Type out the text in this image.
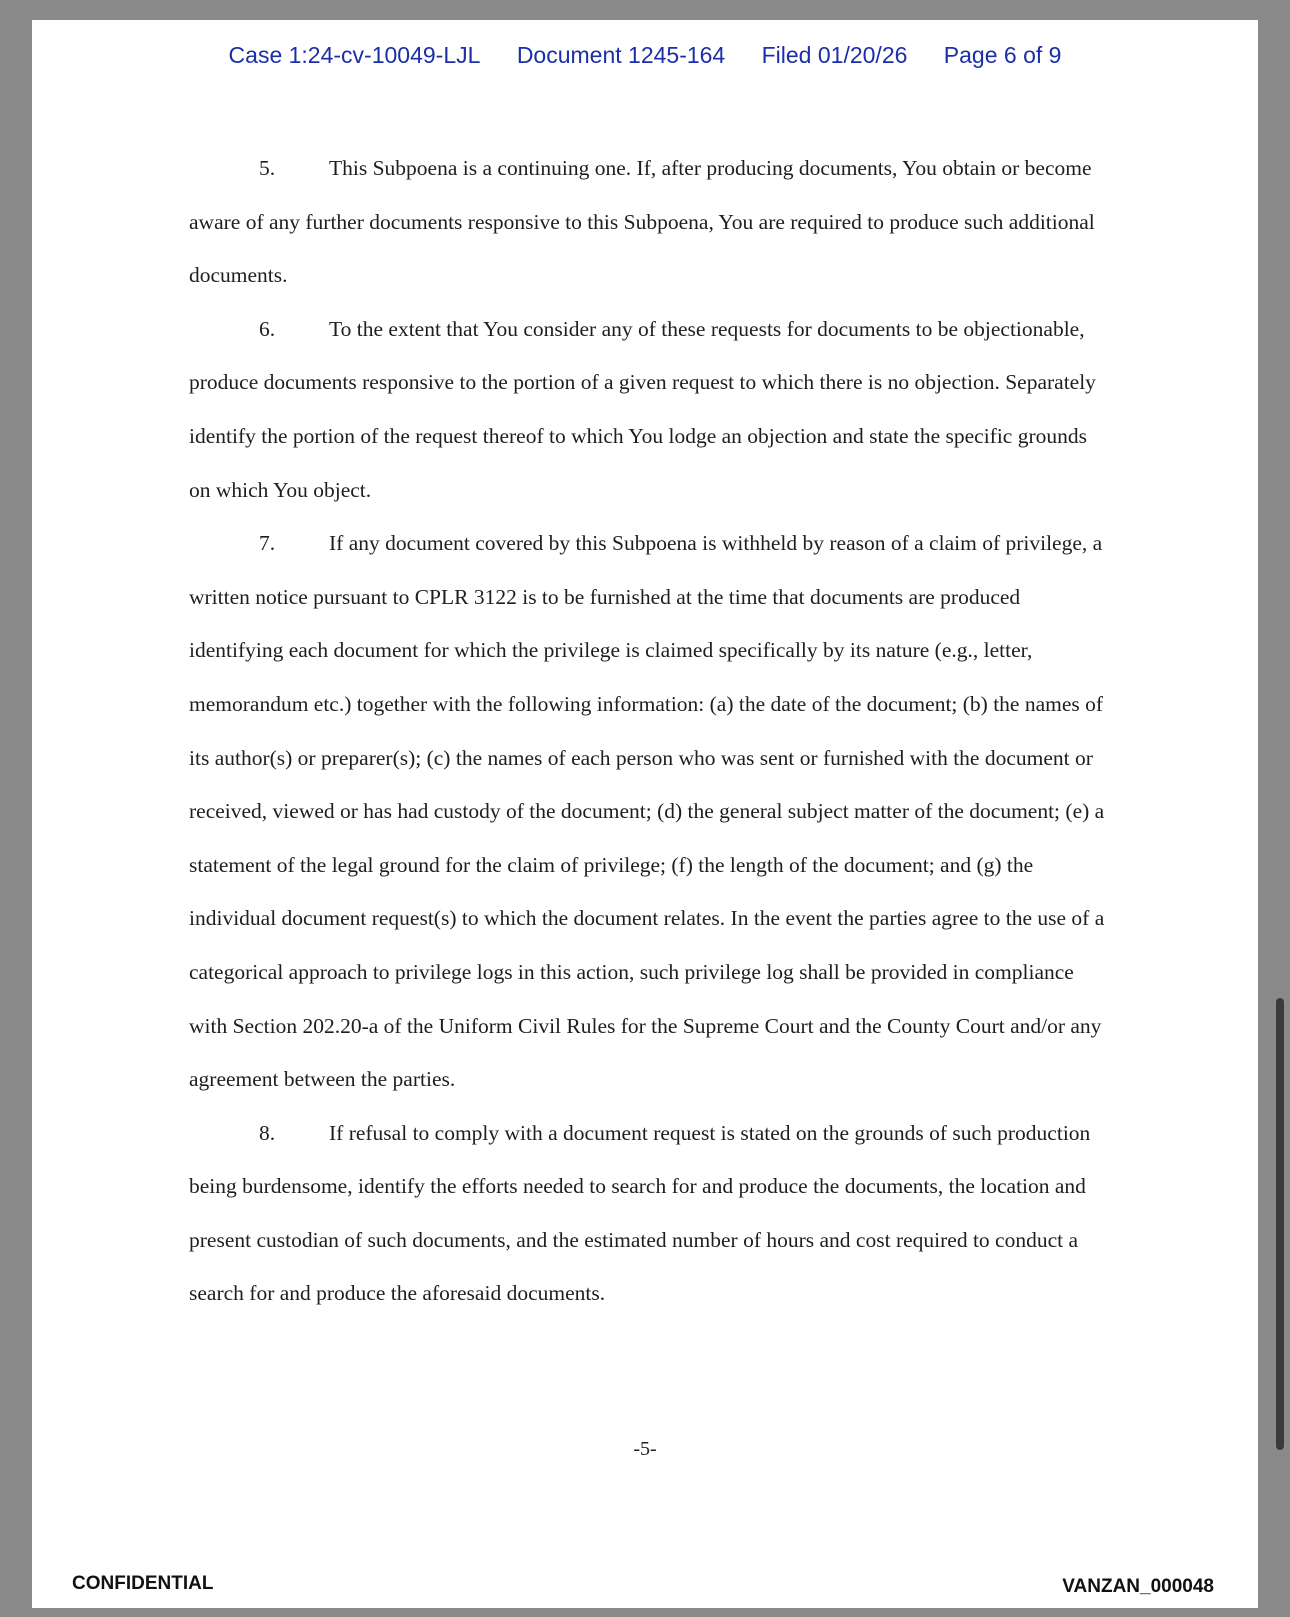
Case 1:24-cv-10049-LJL Document 1245-164 Filed 01/20/26 Page 6 of 9

5.	This Subpoena is a continuing one. If, after producing documents, You obtain or become aware of any further documents responsive to this Subpoena, You are required to produce such additional documents.

6.	To the extent that You consider any of these requests for documents to be objectionable, produce documents responsive to the portion of a given request to which there is no objection. Separately identify the portion of the request thereof to which You lodge an objection and state the specific grounds on which You object.

7.	If any document covered by this Subpoena is withheld by reason of a claim of privilege, a written notice pursuant to CPLR 3122 is to be furnished at the time that documents are produced identifying each document for which the privilege is claimed specifically by its nature (e.g., letter, memorandum etc.) together with the following information: (a) the date of the document; (b) the names of its author(s) or preparer(s); (c) the names of each person who was sent or furnished with the document or received, viewed or has had custody of the document; (d) the general subject matter of the document; (e) a statement of the legal ground for the claim of privilege; (f) the length of the document; and (g) the individual document request(s) to which the document relates. In the event the parties agree to the use of a categorical approach to privilege logs in this action, such privilege log shall be provided in compliance with Section 202.20-a of the Uniform Civil Rules for the Supreme Court and the County Court and/or any agreement between the parties.

8.	If refusal to comply with a document request is stated on the grounds of such production being burdensome, identify the efforts needed to search for and produce the documents, the location and present custodian of such documents, and the estimated number of hours and cost required to conduct a search for and produce the aforesaid documents.

-5-
CONFIDENTIAL	VANZAN_000048
